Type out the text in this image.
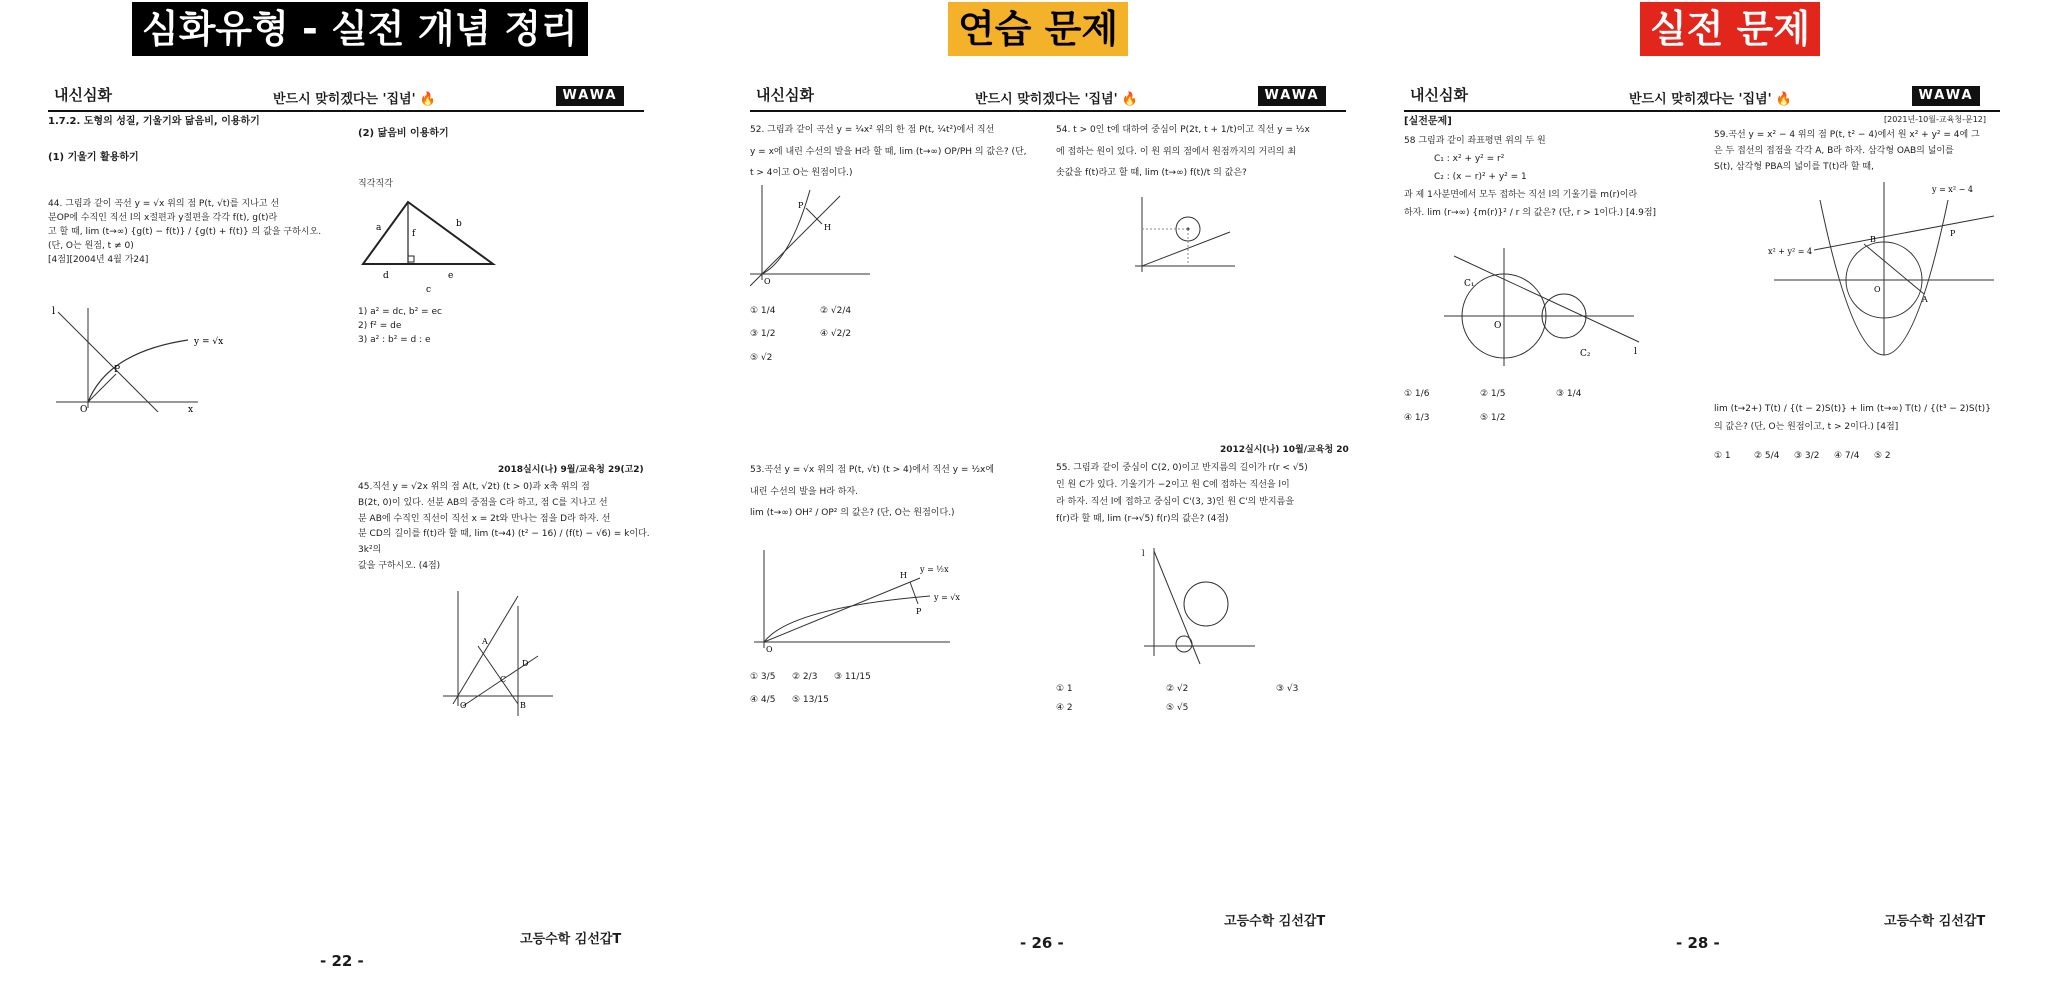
심화유형 - 실전 개념 정리	연습 문제	실전 문제
내신심화	반드시 맞히겠다는 '집념' 🔥	WAWA
1.7.2. 도형의 성질, 기울기와 닮음비, 이용하기
(1) 기울기 활용하기
(2) 닮음비 이용하기
44. 그림과 같이 곡선 y = √x 위의 점 P(t, √t)를 지나고 선
분OP에 수직인 직선 l의 x절편과 y절편을 각각 f(t), g(t)라
고 할 때, lim (t→∞) {g(t) − f(t)} / {g(t) + f(t)} 의 값을 구하시오.
(단, O는 원점, t ≠ 0)
[4점][2004년 4월 가24]
l
P
O	x
y = √x
직각직각
a	b
f
d	e
c
1) a² = dc, b² = ec
2) f² = de
3) a² : b² = d : e
2018실시(나) 9월/교육청 29(고2)
45.직선 y = √2x 위의 점 A(t, √2t) (t > 0)과 x축 위의 점
B(2t, 0)이 있다. 선분 AB의 중점을 C라 하고, 점 C를 지나고 선
분 AB에 수직인 직선이 직선 x = 2t와 만나는 점을 D라 하자. 선
분 CD의 길이를 f(t)라 할 때, lim (t→4) (t² − 16) / (f(t) − √6) = k이다. 3k²의
값을 구하시오. (4점)
A
C
D
B
O
고등수학 김선갑T
- 22 -
내신심화	반드시 맞히겠다는 '집념' 🔥	WAWA
52. 그림과 같이 곡선 y = ¼x² 위의 한 점 P(t, ¼t²)에서 직선
y = x에 내린 수선의 발을 H라 할 때, lim (t→∞) OP/PH 의 값은? (단,
t > 4이고 O는 원점이다.)
P
H
O
① 1/4	② √2/4
③ 1/2	④ √2/2
⑤ √2
54. t > 0인 t에 대하여 중심이 P(2t, t + 1/t)이고 직선 y = ½x
에 접하는 원이 있다. 이 원 위의 점에서 원점까지의 거리의 최
솟값을 f(t)라고 할 때, lim (t→∞) f(t)/t 의 값은?
53.곡선 y = √x 위의 점 P(t, √t) (t > 4)에서 직선 y = ½x에
내린 수선의 발을 H라 하자.
lim (t→∞) OH² / OP² 의 값은? (단, O는 원점이다.)
H
P
O
y = ½x
y = √x
① 3/5 ② 2/3 ③ 11/15
④ 4/5 ⑤ 13/15
2012실시(나) 10월/교육청 20
55. 그림과 같이 중심이 C(2, 0)이고 반지름의 길이가 r(r < √5)
인 원 C가 있다. 기울기가 −2이고 원 C에 접하는 직선을 l이
라 하자. 직선 l에 접하고 중심이 C'(3, 3)인 원 C'의 반지름을
f(r)라 할 때, lim (r→√5) f(r)의 값은? (4점)
l
① 1	② √2	③ √3
④ 2	⑤ √5
고등수학 김선갑T
- 26 -
내신심화	반드시 맞히겠다는 '집념' 🔥	WAWA
[실전문제]
58 그림과 같이 좌표평면 위의 두 원
C₁ : x² + y² = r²
C₂ : (x − r)² + y² = 1
과 제 1사분면에서 모두 접하는 직선 l의 기울기를 m(r)이라
하자. lim (r→∞) {m(r)}² / r 의 값은? (단, r > 1이다.) [4.9점]
C₁
C₂
O
l
① 1/6	② 1/5	③ 1/4
④ 1/3	⑤ 1/2
[2021년-10월-교육청-문12]
59.곡선 y = x² − 4 위의 점 P(t, t² − 4)에서 원 x² + y² = 4에 그
은 두 접선의 접점을 각각 A, B라 하자. 삼각형 OAB의 넓이를
S(t), 삼각형 PBA의 넓이를 T(t)라 할 때,
B
A
P
O
y = x² − 4
x² + y² = 4
lim (t→2+) T(t) / {(t − 2)S(t)} + lim (t→∞) T(t) / {(t³ − 2)S(t)}
의 값은? (단, O는 원점이고, t > 2이다.) [4점]
① 1	② 5/4 ③ 3/2 ④ 7/4 ⑤ 2
고등수학 김선갑T
- 28 -
